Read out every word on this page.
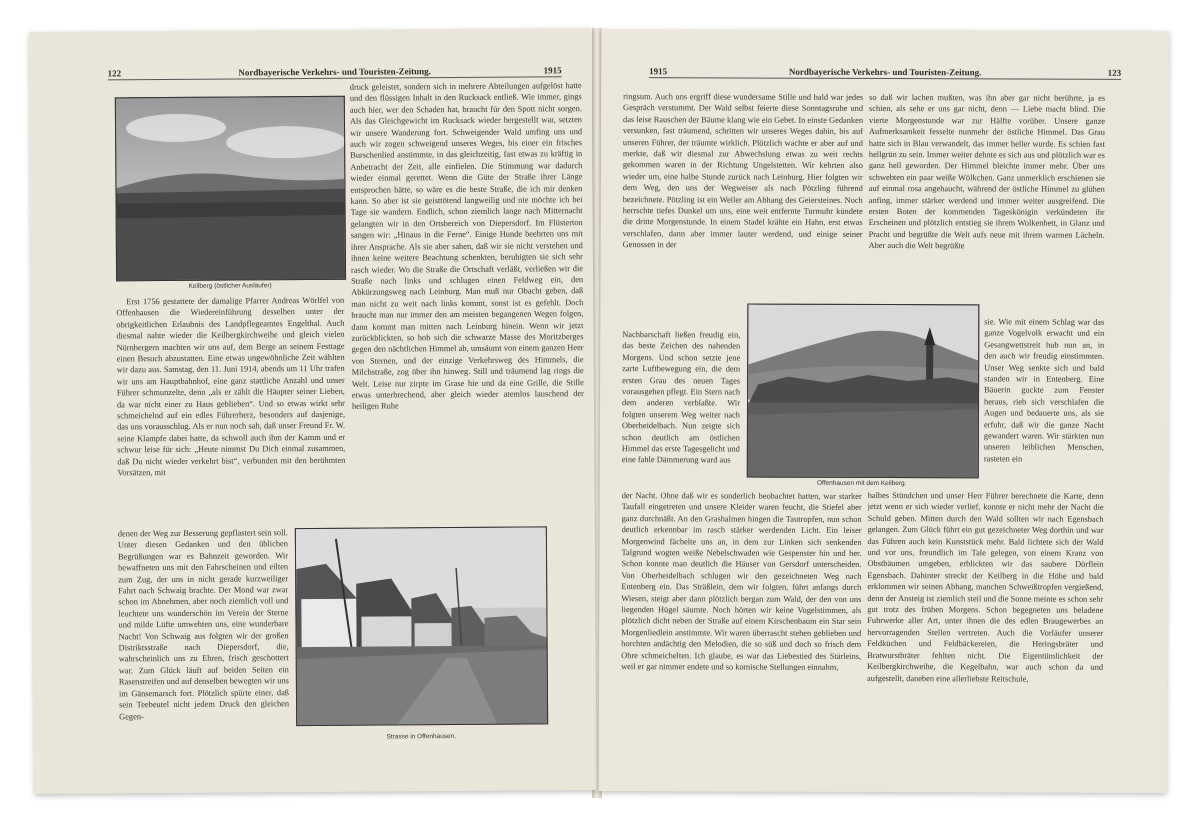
122	Nordbayerische Verkehrs- und Touristen-Zeitung.	1915
Keilberg (östlicher Ausläufer)

Erst 1756 gestattete der damalige Pfarrer Andreas Wörlfel von Offenhausen die Wiedereinführung desselben unter der obrigkeitlichen Erlaubnis des Landpflegeamtes Engelthal. Auch diesmal nahte wieder die Keilbergkirchweihe und gleich vielen Nürnbergern machten wir uns auf, dem Berge an seinem Festtage einen Besuch abzustatten. Eine etwas ungewöhnliche Zeit wählten wir dazu aus. Samstag, den 11. Juni 1914, abends um 11 Uhr trafen wir uns am Hauptbahnhof, eine ganz stattliche Anzahl und unser Führer schmunzelte, denn „als er zählt die Häupter seiner Lieben, da war nicht einer zu Haus geblieben“. Und so etwas wirkt sehr schmeichelnd auf ein edles Führerherz, besonders auf dasjenige, das uns vorausschlug. Als er nun noch sah, daß unser Freund Fr. W. seine Klampfe dabei hatte, da schwoll auch ihm der Kamm und er schwur leise für sich: „Heute nimmst Du Dich einmal zusammen, daß Du nicht wieder verkehrt bist“, verbunden mit den berühmten Vorsätzen, mit

denen der Weg zur Besserung gepflastert sein soll. Unter diesen Gedanken und den üblichen Begrüßungen war es Bahnzeit geworden. Wir bewaffneten uns mit den Fahrscheinen und eilten zum Zug, der uns in nicht gerade kurzweiliger Fahrt nach Schwaig brachte. Der Mond war zwar schon im Abnehmen, aber noch ziemlich voll und leuchtete uns wunderschön im Verein der Sterne und milde Lüfte umwehten uns, eine wunderbare Nacht! Von Schwaig aus folgten wir der großen Distriktsstraße nach Diepersdorf, die, wahrscheinlich uns zu Ehren, frisch geschottert war. Zum Glück läuft auf beiden Seiten ein Rasenstreifen und auf denselben bewegten wir uns im Gänsemarsch fort. Plötzlich spürte einer, daß sein Teebeutel nicht jedem Druck den gleichen Gegen-

druck geleistet, sondern sich in mehrere Abteilungen aufgelöst hatte und den flüssigen Inhalt in den Rucksack entließ. Wie immer, gings auch hier, wer den Schaden hat, braucht für den Spott nicht sorgen. Als das Gleichgewicht im Rucksack wieder hergestellt war, setzten wir unsere Wanderung fort. Schweigender Wald umfing uns und auch wir zogen schweigend unseres Weges, bis einer ein frisches Burschenlied anstimmte, in das gleichzeitig, fast etwas zu kräftig in Anbetracht der Zeit, alle einfielen. Die Stimmung war dadurch wieder einmal gerettet. Wenn die Güte der Straße ihrer Länge entsprochen hätte, so wäre es die beste Straße, die ich mir denken kann. So aber ist sie geisttötend langweilig und nie möchte ich bei Tage sie wandern. Endlich, schon ziemlich lange nach Mitternacht gelangten wir in den Ortsbereich von Diepersdorf. Im Flüsterton sangen wir: „Hinaus in die Ferne“. Einige Hunde beehrten uns mit ihrer Ansprache. Als sie aber sahen, daß wir sie nicht verstehen und ihnen keine weitere Beachtung schenkten, beruhigten sie sich sehr rasch wieder. Wo die Straße die Ortschaft verläßt, verließen wir die Straße nach links und schlugen einen Feldweg ein, den Abkürzungsweg nach Leinburg. Man muß nur Obacht geben, daß man nicht zu weit nach links kommt, sonst ist es gefehlt. Doch braucht man nur immer den am meisten begangenen Wegen folgen, dann kommt man mitten nach Leinburg hinein. Wenn wir jetzt zurückblickten, so hob sich die schwarze Masse des Moritzberges gegen den nächtlichen Himmel ab, umsäumt von einem ganzen Heer von Sternen, und der einzige Verkehrsweg des Himmels, die Milchstraße, zog über ihn hinweg. Still und träumend lag rings die Welt. Leise nur zirpte im Grase hie und da eine Grille, die Stille etwas unterbrechend, aber gleich wieder atemlos lauschend der heiligen Ruhe

Strasse in Offenhausen.
1915	Nordbayerische Verkehrs- und Touristen-Zeitung.	123

ringsum. Auch uns ergriff diese wundersame Stille und bald war jedes Gespräch verstummt. Der Wald selbst feierte diese Sonntagsruhe und das leise Rauschen der Bäume klang wie ein Gebet. In einste Gedanken versunken, fast träumend, schritten wir unseres Weges dahin, bis auf unseren Führer, der träumte wirklich. Plötzlich wachte er aber auf und merkte, daß wir diesmal zur Abwechslung etwas zu weit rechts gekommen waren in der Richtung Ungelstetten. Wir kehrten also wieder um, eine halbe Stunde zurück nach Leinburg. Hier folgten wir dem Weg, den uns der Wegweiser als nach Pötzling führend bezeichnete. Pötzling ist ein Weiler am Abhang des Geiersteines. Noch herrschte tiefes Dunkel um uns, eine weit entfernte Turmuhr kündete die dritte Morgenstunde. In einem Stadel krähte ein Hahn, erst etwas verschlafen, dann aber immer lauter werdend, und einige seiner Genossen in der

Nachbarschaft ließen freudig ein, das beste Zeichen des nahenden Morgens. Und schon setzte jene zarte Luftbewegung ein, die dem ersten Grau des neuen Tages vorausgehen pflegt. Ein Stern nach dem anderen verblaßte. Wir folgten unserem Weg weiter nach Oberheidelbach. Nun zeigte sich schon deutlich am östlichen Himmel das erste Tagesgelicht und eine fahle Dämmerung ward aus

der Nacht. Ohne daß wir es sonderlich beobachtet hatten, war starker Taufall eingetreten und unsere Kleider waren feucht, die Stiefel aber ganz durchnäßt. An den Grashalmen hingen die Tautropfen, nun schon deutlich erkennbar im rasch stärker werdenden Licht. Ein leiser Morgenwind fächelte uns an, in dem zur Linken sich senkenden Talgrund wogten weiße Nebelschwaden wie Gespenster hin und her. Schon konnte man deutlich die Häuser von Gersdorf unterscheiden. Von Oberheidelbach schlugen wir den gezeichneten Weg nach Entenberg ein. Das Sträßlein, dem wir folgten, führt anfangs durch Wiesen, steigt aber dann plötzlich bergan zum Wald, der den von uns liegenden Hügel säumte. Noch hörten wir keine Vogelstimmen, als plötzlich dicht neben der Straße auf einem Kirschenbaum ein Star sein Morgenliedlein anstimmte. Wir waren überrascht stehen geblieben und horchten andächtig den Melodien, die so süß und doch so frisch dem Ohre schmeichelten. Ich glaube, es war das Liebestied des Stärleins, weil er gar nimmer endete und so komische Stellungen einnahm,

so daß wir lachen mußten, was ihn aber gar nicht berührte, ja es schien, als sehe er uns gar nicht, denn — Liebe macht blind. Die vierte Morgenstunde war zur Hälfte vorüber. Unsere ganze Aufmerksamkeit fesselte nunmehr der östliche Himmel. Das Grau hatte sich in Blau verwandelt, das immer heller wurde. Es schien fast hellgrün zu sein. Immer weiter dehnte es sich aus und plötzlich war es ganz hell geworden. Der Himmel bleichte immer mehr. Über uns schwebten ein paar weiße Wölkchen. Ganz unmerklich erschienen sie auf einmal rosa angehaucht, während der östliche Himmel zu glühen anfing, immer stärker werdend und immer weiter ausgreifend. Die ersten Boten der kommenden Tageskönigin verkündeten ihr Erscheinen und plötzlich entstieg sie ihrem Wolkenbett, in Glanz und Pracht und begrüßte die Welt aufs neue mit ihrem warmen Lächeln. Aber auch die Welt begrüßte

sie. Wie mit einem Schlag war das ganze Vogelvolk erwacht und ein Gesangwettstreit hub nun an, in den auch wir freudig einstimmten. Unser Weg senkte sich und bald standen wir in Entenberg. Eine Bäuerin guckte zum Fenster heraus, rieb sich verschlafen die Augen und bedauerte uns, als sie erfuhr, daß wir die ganze Nacht gewandert waren. Wir stärkten nun unseren leiblichen Menschen, rasteten ein

halbes Stündchen und unser Herr Führer berechnete die Karte, denn jetzt wenn er sich wieder verlief, konnte er nicht mehr der Nacht die Schuld geben. Mitten durch den Wald sollten wir nach Egensbach gelangen. Zum Glück führt ein gut gezeichneter Weg dorthin und war das Führen auch kein Kunststück mehr. Bald lichtete sich der Wald und vor uns, freundlich im Tale gelegen, von einem Kranz von Obstbäumen umgeben, erblickten wir das saubere Dörflein Egensbach. Dahinter streckt der Keilberg in die Höhe und bald erklommen wir seinen Abhang, manchen Schweißtropfen vergießend, denn der Ansteig ist ziemlich steil und die Sonne meinte es schon sehr gut trotz des frühen Morgens. Schon begegneten uns beladene Fuhrwerke aller Art, unter ihnen die des edlen Braugewerbes an hervorragenden Stellen vertreten. Auch die Vorläufer unserer Feldküchen und Feldbäckereien, die Heringsbräter und Bratwurstbräter fehlten nicht. Die Eigentümlichkeit der Keilbergkirchweihe, die Kegelbahn, war auch schon da und aufgestellt, daneben eine allerliebste Reitschule,

Offenhausen mit dem Keilberg.
